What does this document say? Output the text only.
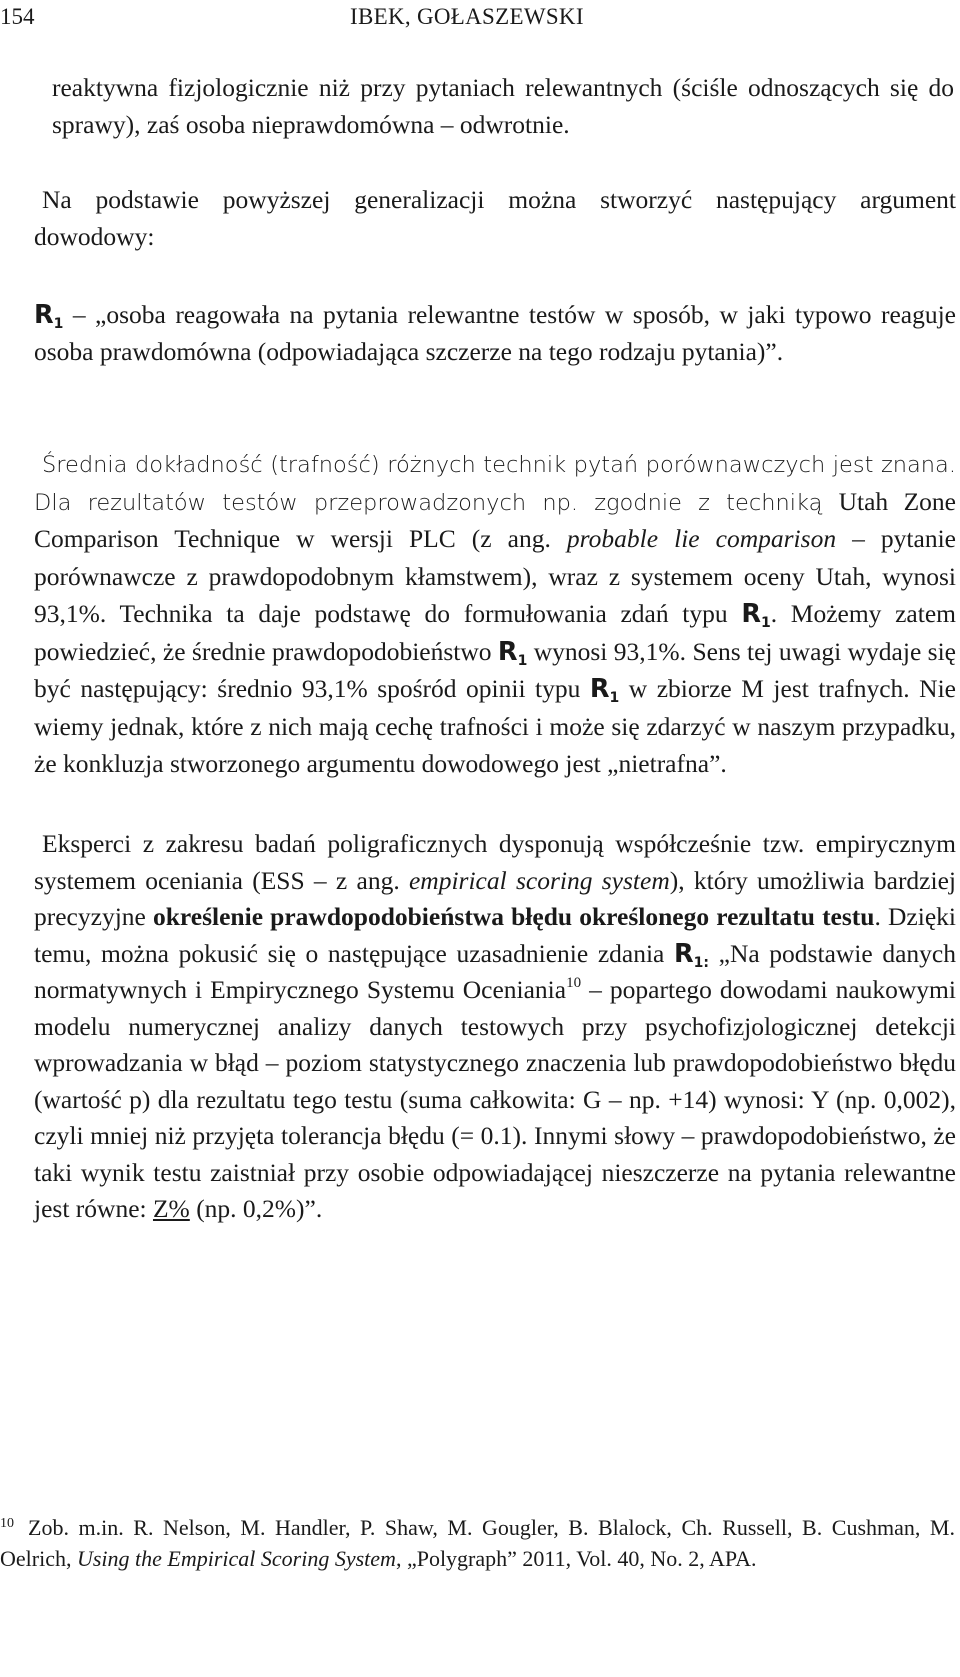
154	IBEK, GOŁASZEWSKI
reaktywna fizjologicznie niż przy pytaniach relewantnych (ściśle odnoszących się do sprawy), zaś osoba nieprawdomówna – odwrotnie.
Na podstawie powyższej generalizacji można stworzyć następujący argument dowodowy:
$R_1$ – „osoba reagowała na pytania relewantne testów w sposób, w jaki typowo reaguje osoba prawdomówna (odpowiadająca szczerze na tego rodzaju pytania)”.
Średnia dokładność (trafność) różnych technik pytań porównawczych jest znana. Dla rezultatów testów przeprowadzonych np. zgodnie z techniką Utah Zone Comparison Technique w wersji PLC (z ang. probable lie comparison – pytanie porównawcze z prawdopodobnym kłamstwem), wraz z systemem oceny Utah, wynosi 93,1%. Technika ta daje podstawę do formułowania zdań typu $R_1$. Możemy zatem powiedzieć, że średnie prawdopodobieństwo $R_1$ wynosi 93,1%. Sens tej uwagi wydaje się być następujący: średnio 93,1% spośród opinii typu $R_1$ w zbiorze M jest trafnych. Nie wiemy jednak, które z nich mają cechę trafności i może się zdarzyć w naszym przypadku, że konkluzja stworzonego argumentu dowodowego jest „nietrafna”.
Eksperci z zakresu badań poligraficznych dysponują współcześnie tzw. empirycznym systemem oceniania (ESS – z ang. empirical scoring system), który umożliwia bardziej precyzyjne określenie prawdopodobieństwa błędu określonego rezultatu testu. Dzięki temu, można pokusić się o następujące uzasadnienie zdania $R_{1:}$ „Na podstawie danych normatywnych i Empirycznego Systemu Oceniania$^{10}$ – popartego dowodami naukowymi modelu numerycznej analizy danych testowych przy psychofizjologicznej detekcji wprowadzania w błąd – poziom statystycznego znaczenia lub prawdopodobieństwo błędu (wartość p) dla rezultatu tego testu (suma całkowita: G – np. +14) wynosi: Y (np. 0,002), czyli mniej niż przyjęta tolerancja błędu (= 0.1). Innymi słowy – prawdopodobieństwo, że taki wynik testu zaistniał przy osobie odpowiadającej nieszczerze na pytania relewantne jest równe: Z% (np. 0,2%)”.
$^{10}$ Zob. m.in. R. Nelson, M. Handler, P. Shaw, M. Gougler, B. Blalock, Ch. Russell, B. Cushman, M. Oelrich, Using the Empirical Scoring System, „Polygraph” 2011, Vol. 40, No. 2, APA.
